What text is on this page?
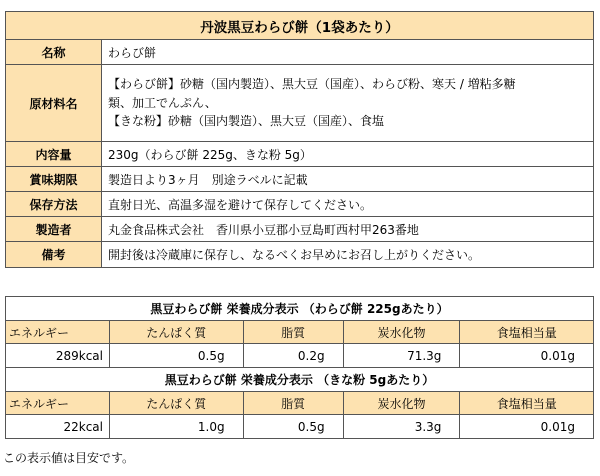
丹波黒豆わらび餅（1袋あたり）	
名称	わらび餅
原材料名	【わらび餅】砂糖（国内製造）、黒大豆（国産）、わらび粉、寒天 / 増粘多糖
類、加工でんぷん、
【きな粉】砂糖（国内製造）、黒大豆（国産）、食塩

内容量	230g（わらび餅 225g、きな粉 5g）
賞味期限	製造日より3ヶ月　別途ラベルに記載
保存方法	直射日光、高温多湿を避けて保存してください。
製造者	丸金食品株式会社　香川県小豆郡小豆島町西村甲263番地
備考	開封後は冷蔵庫に保存し、なるべくお早めにお召し上がりください。
黒豆わらび餅 栄養成分表示 （わらび餅 225gあたり）				
エネルギー	たんぱく質	脂質	炭水化物	食塩相当量
289kcal	0.5g	0.2g	71.3g	0.01g
黒豆わらび餅 栄養成分表示 （きな粉 5gあたり）				
エネルギー	たんぱく質	脂質	炭水化物	食塩相当量
22kcal	1.0g	0.5g	3.3g	0.01g
この表示値は目安です。
